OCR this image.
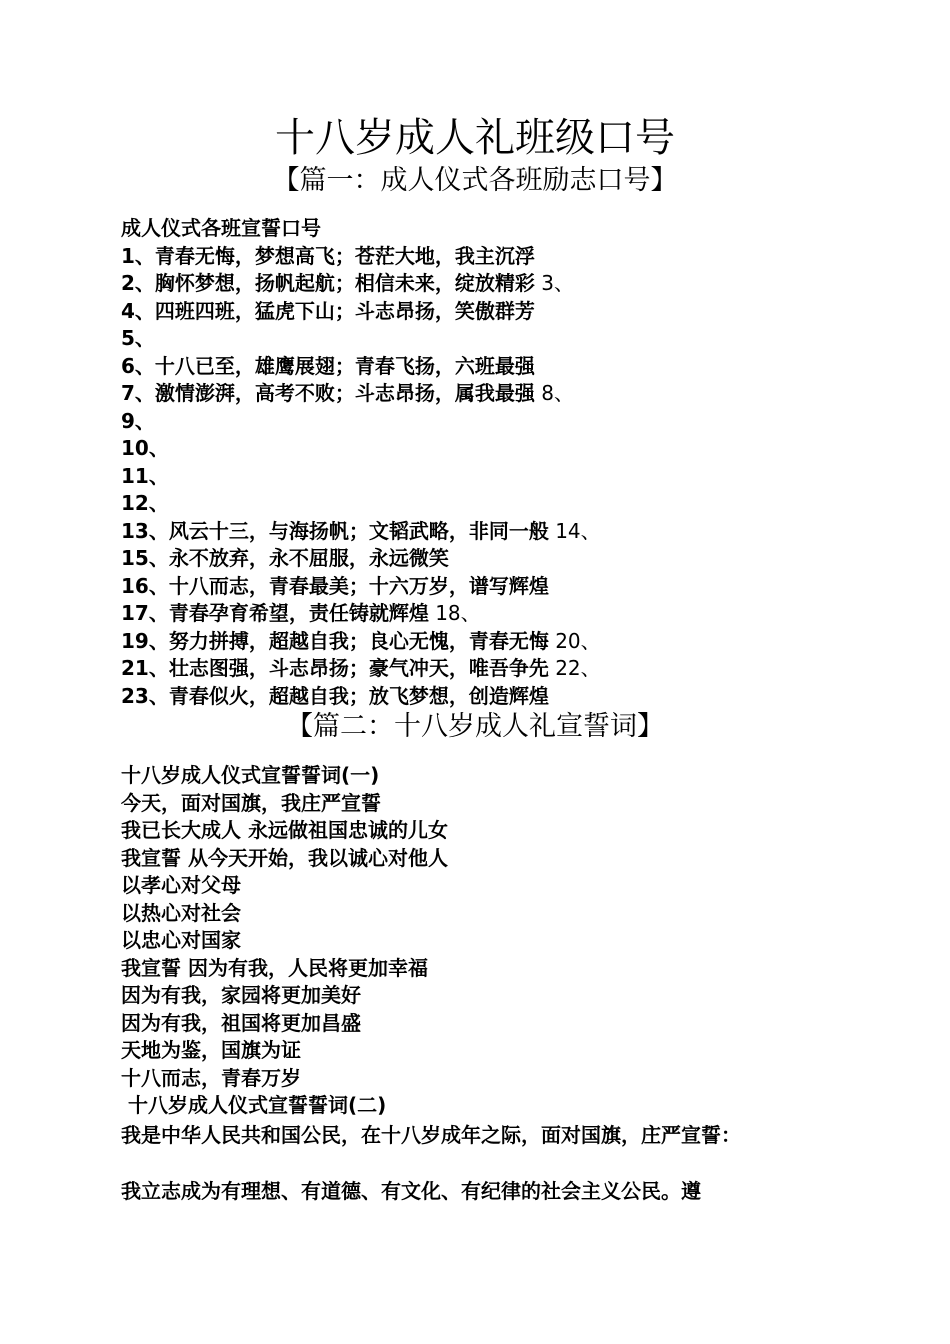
十八岁成人礼班级口号
【篇一：成人仪式各班励志口号】
成人仪式各班宣誓口号
1、青春无悔，梦想高飞；苍茫大地，我主沉浮
2、胸怀梦想，扬帆起航；相信未来，绽放精彩 3、
4、四班四班，猛虎下山；斗志昂扬，笑傲群芳
5、
6、十八已至，雄鹰展翅；青春飞扬，六班最强
7、激情澎湃，高考不败；斗志昂扬，属我最强 8、
9、
10、
11、
12、
13、风云十三，与海扬帆；文韬武略，非同一般 14、
15、永不放弃，永不屈服，永远微笑
16、十八而志，青春最美；十六万岁，谱写辉煌
17、青春孕育希望，责任铸就辉煌 18、
19、努力拼搏，超越自我；良心无愧，青春无悔 20、
21、壮志图强，斗志昂扬；豪气冲天，唯吾争先 22、
23、青春似火，超越自我；放飞梦想，创造辉煌
【篇二：十八岁成人礼宣誓词】
十八岁成人仪式宣誓誓词(一)
今天，面对国旗，我庄严宣誓
我已长大成人 永远做祖国忠诚的儿女
我宣誓 从今天开始，我以诚心对他人
以孝心对父母
以热心对社会
以忠心对国家
我宣誓 因为有我，人民将更加幸福
因为有我，家园将更加美好
因为有我，祖国将更加昌盛
天地为鉴，国旗为证
十八而志，青春万岁
十八岁成人仪式宣誓誓词(二)

我是中华人民共和国公民，在十八岁成年之际，面对国旗，庄严宣誓：

我立志成为有理想、有道德、有文化、有纪律的社会主义公民。遵
